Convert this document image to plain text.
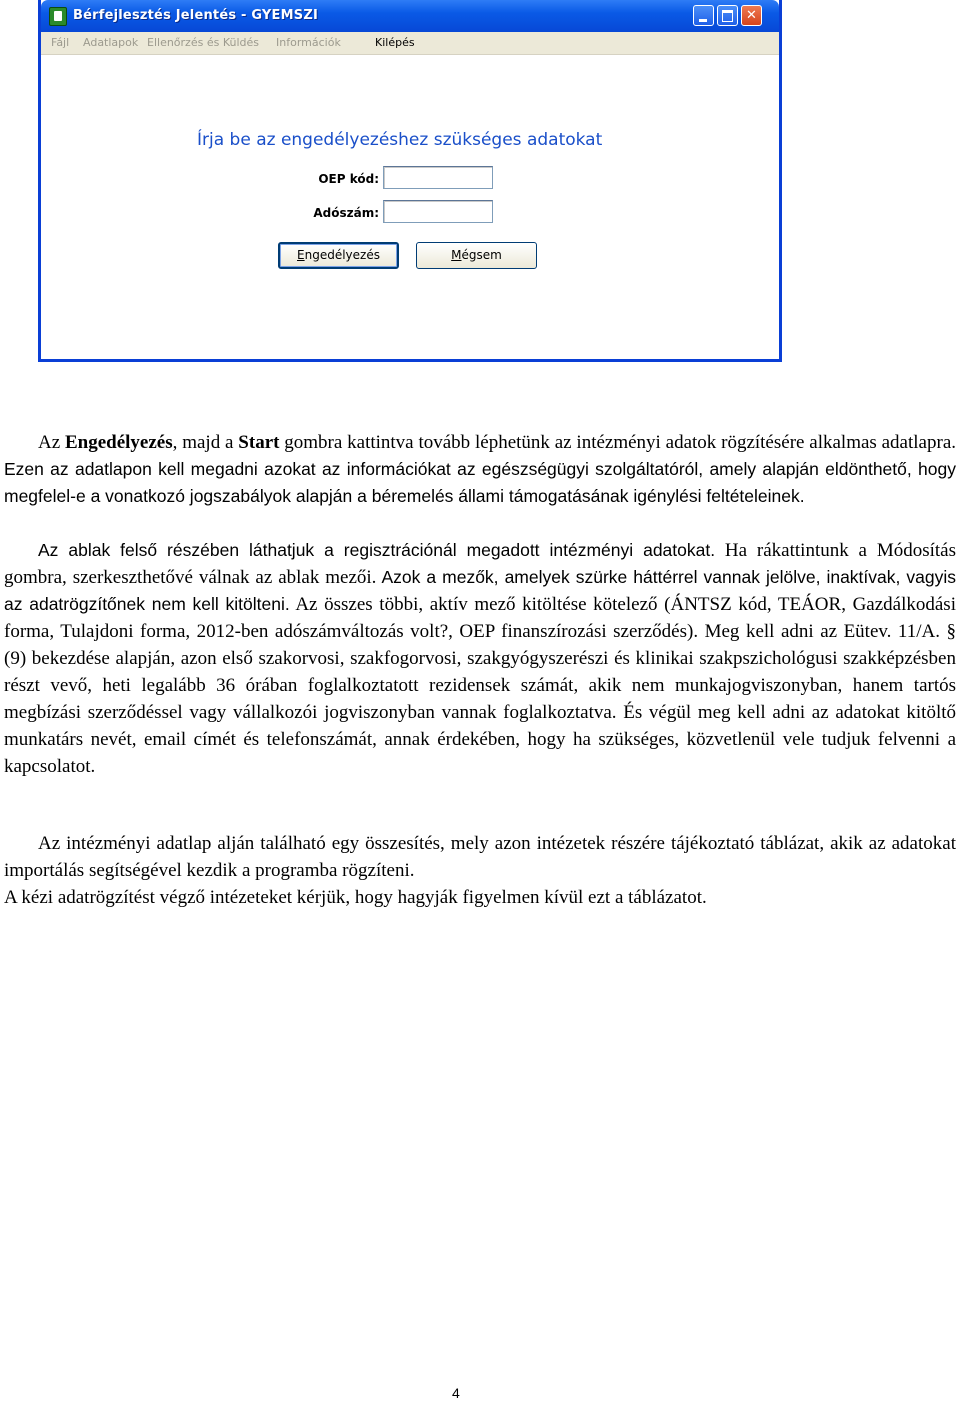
Bérfejlesztés Jelentés - GYEMSZI	✕
Fájl Adatlapok Ellenőrzés és Küldés Információk	Kilépés
Írja be az engedélyezéshez szükséges adatokat
OEP kód:
Adószám:
Engedélyezés	Mégsem

Az Engedélyezés, majd a Start gombra kattintva tovább léphetünk az intézményi adatok rögzítésére alkalmas adatlapra. Ezen az adatlapon kell megadni azokat az információkat az egészségügyi szolgáltatóról, amely alapján eldönthető, hogy megfelel-e a vonatkozó jogszabályok alapján a béremelés állami támogatásának igénylési feltételeinek.

Az ablak felső részében láthatjuk a regisztrációnál megadott intézményi adatokat. Ha rákattintunk a Módosítás gombra, szerkeszthetővé válnak az ablak mezői. Azok a mezők, amelyek szürke háttérrel vannak jelölve, inaktívak, vagyis az adatrögzítőnek nem kell kitölteni. Az összes többi, aktív mező kitöltése kötelező (ÁNTSZ kód, TEÁOR, Gazdálkodási forma, Tulajdoni forma, 2012-ben adószámváltozás volt?, OEP finanszírozási szerződés). Meg kell adni az Eütev. 11/A. § (9) bekezdése alapján, azon első szakorvosi, szakfogorvosi, szakgyógyszerészi és klinikai szakpszichológusi szakképzésben részt vevő, heti legalább 36 órában foglalkoztatott rezidensek számát, akik nem munkajogviszonyban, hanem tartós megbízási szerződéssel vagy vállalkozói jogviszonyban vannak foglalkoztatva. És végül meg kell adni az adatokat kitöltő munkatárs nevét, email címét és telefonszámát, annak érdekében, hogy ha szükséges, közvetlenül vele tudjuk felvenni a kapcsolatot.

Az intézményi adatlap alján található egy összesítés, mely azon intézetek részére tájékoztató táblázat, akik az adatokat importálás segítségével kezdik a programba rögzíteni.

A kézi adatrögzítést végző intézeteket kérjük, hogy hagyják figyelmen kívül ezt a táblázatot.

4
